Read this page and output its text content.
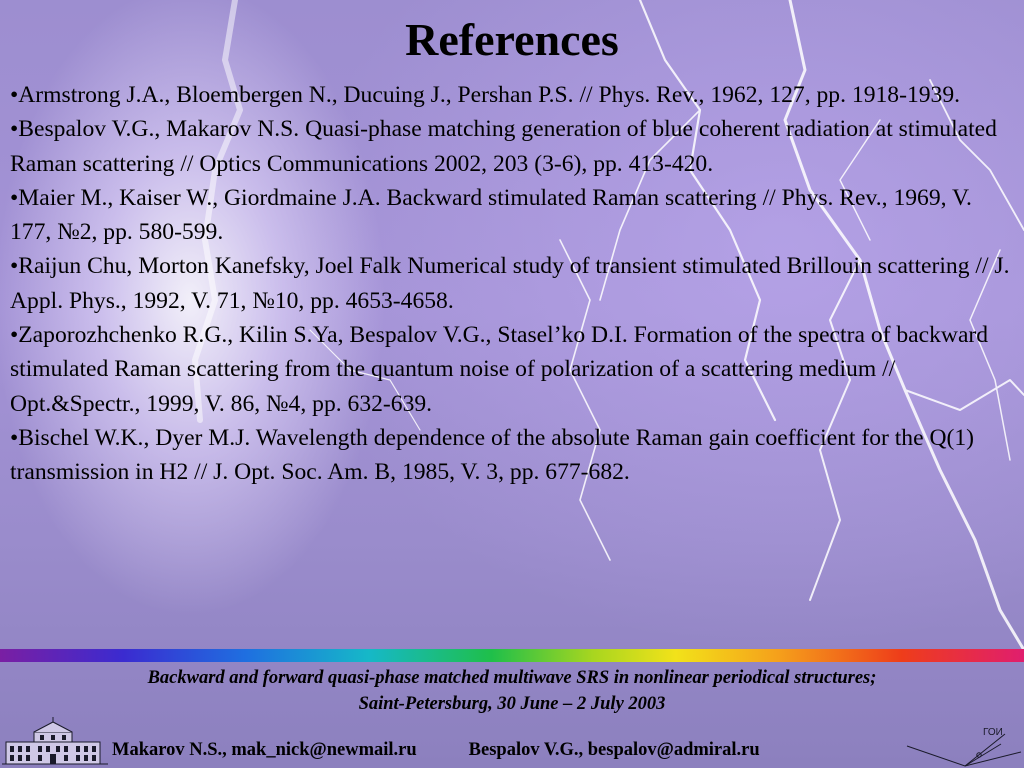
References

•Armstrong J.A., Bloembergen N., Ducuing J., Pershan P.S. // Phys. Rev., 1962, 127, pp. 1918-1939.

•Bespalov V.G., Makarov N.S. Quasi-phase matching generation of blue coherent radiation at stimulated Raman scattering // Optics Communications 2002, 203 (3-6), pp. 413-420.

•Maier M., Kaiser W., Giordmaine J.A. Backward stimulated Raman scattering // Phys. Rev., 1969, V. 177, №2, pp. 580-599.

•Raijun Chu, Morton Kanefsky, Joel Falk Numerical study of transient stimulated Brillouin scattering // J. Appl. Phys., 1992, V. 71, №10, pp. 4653-4658.

•Zaporozhchenko R.G., Kilin S.Ya, Bespalov V.G., Stasel’ko D.I. Formation of the spectra of backward stimulated Raman scattering from the quantum noise of polarization of a scattering medium // Opt.&Spectr., 1999, V. 86, №4, pp. 632-639.

•Bischel W.K., Dyer M.J. Wavelength dependence of the absolute Raman gain coefficient for the Q(1) transmission in H2 // J. Opt. Soc. Am. B, 1985, V. 3, pp. 677-682.

Backward and forward quasi-phase matched multiwave SRS in nonlinear periodical structures;
Saint-Petersburg, 30 June – 2 July 2003
Makarov N.S., mak_nick@newmail.ru	Bespalov V.G., bespalov@admiral.ru
ГОИ
